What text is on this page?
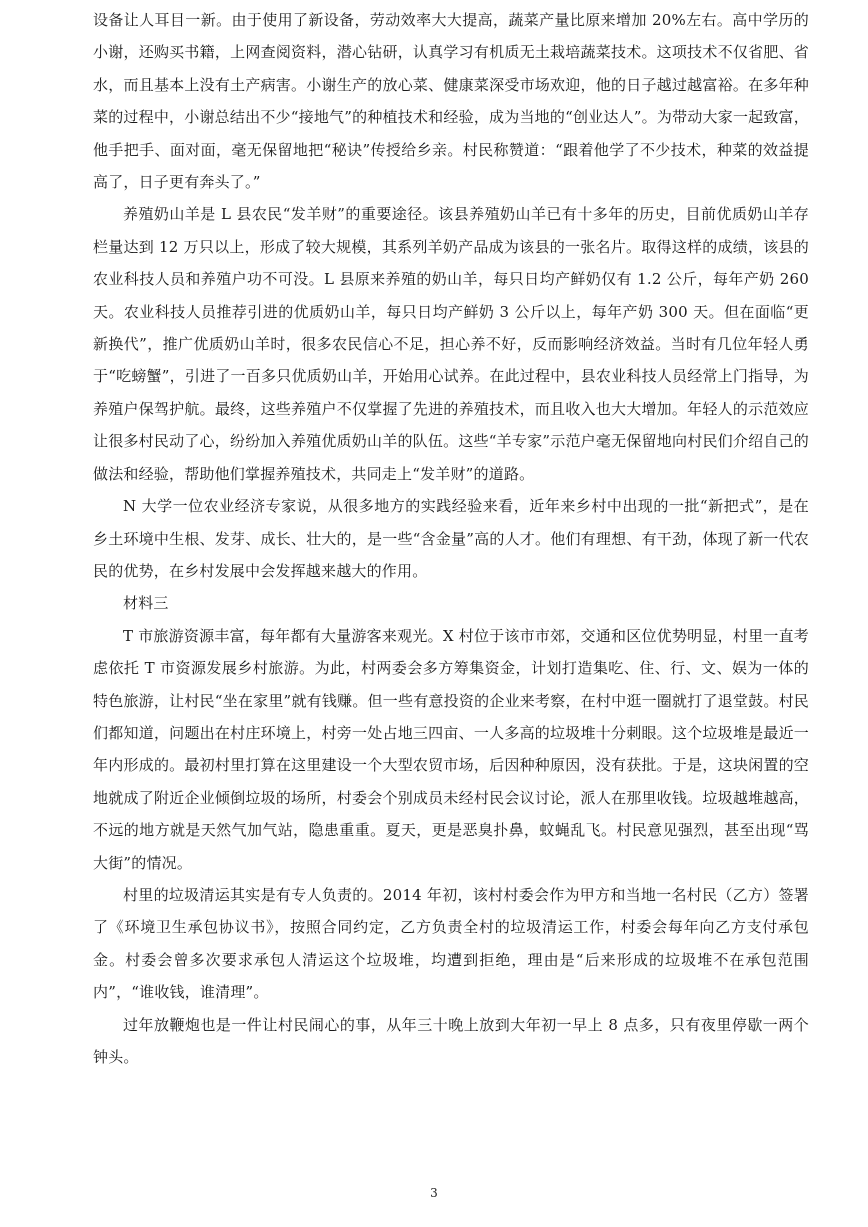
设备让人耳目一新。由于使用了新设备，劳动效率大大提高，蔬菜产量比原来增加 20%左右。高中学历的小谢，还购买书籍，上网查阅资料，潜心钻研，认真学习有机质无土栽培蔬菜技术。这项技术不仅省肥、省水，而且基本上没有土产病害。小谢生产的放心菜、健康菜深受市场欢迎，他的日子越过越富裕。在多年种菜的过程中，小谢总结出不少“接地气”的种植技术和经验，成为当地的“创业达人”。为带动大家一起致富，他手把手、面对面，毫无保留地把“秘诀”传授给乡亲。村民称赞道：“跟着他学了不少技术，种菜的效益提高了，日子更有奔头了。”

养殖奶山羊是 L 县农民“发羊财”的重要途径。该县养殖奶山羊已有十多年的历史，目前优质奶山羊存栏量达到 12 万只以上，形成了较大规模，其系列羊奶产品成为该县的一张名片。取得这样的成绩，该县的农业科技人员和养殖户功不可没。L 县原来养殖的奶山羊，每只日均产鲜奶仅有 1.2 公斤，每年产奶 260 天。农业科技人员推荐引进的优质奶山羊，每只日均产鲜奶 3 公斤以上，每年产奶 300 天。但在面临“更新换代”，推广优质奶山羊时，很多农民信心不足，担心养不好，反而影响经济效益。当时有几位年轻人勇于“吃螃蟹”，引进了一百多只优质奶山羊，开始用心试养。在此过程中，县农业科技人员经常上门指导，为养殖户保驾护航。最终，这些养殖户不仅掌握了先进的养殖技术，而且收入也大大增加。年轻人的示范效应让很多村民动了心，纷纷加入养殖优质奶山羊的队伍。这些“羊专家”示范户毫无保留地向村民们介绍自己的做法和经验，帮助他们掌握养殖技术，共同走上“发羊财”的道路。

N 大学一位农业经济专家说，从很多地方的实践经验来看，近年来乡村中出现的一批“新把式”，是在乡土环境中生根、发芽、成长、壮大的，是一些“含金量”高的人才。他们有理想、有干劲，体现了新一代农民的优势，在乡村发展中会发挥越来越大的作用。

材料三

T 市旅游资源丰富，每年都有大量游客来观光。X 村位于该市市郊，交通和区位优势明显，村里一直考虑依托 T 市资源发展乡村旅游。为此，村两委会多方筹集资金，计划打造集吃、住、行、文、娱为一体的特色旅游，让村民“坐在家里”就有钱赚。但一些有意投资的企业来考察，在村中逛一圈就打了退堂鼓。村民们都知道，问题出在村庄环境上，村旁一处占地三四亩、一人多高的垃圾堆十分刺眼。这个垃圾堆是最近一年内形成的。最初村里打算在这里建设一个大型农贸市场，后因种种原因，没有获批。于是，这块闲置的空地就成了附近企业倾倒垃圾的场所，村委会个别成员未经村民会议讨论，派人在那里收钱。垃圾越堆越高，不远的地方就是天然气加气站，隐患重重。夏天，更是恶臭扑鼻，蚊蝇乱飞。村民意见强烈，甚至出现“骂大街”的情况。

村里的垃圾清运其实是有专人负责的。2014 年初，该村村委会作为甲方和当地一名村民（乙方）签署了《环境卫生承包协议书》，按照合同约定，乙方负责全村的垃圾清运工作，村委会每年向乙方支付承包金。村委会曾多次要求承包人清运这个垃圾堆，均遭到拒绝，理由是“后来形成的垃圾堆不在承包范围内”，“谁收钱，谁清理”。

过年放鞭炮也是一件让村民闹心的事，从年三十晚上放到大年初一早上 8 点多，只有夜里停歇一两个钟头。

3
